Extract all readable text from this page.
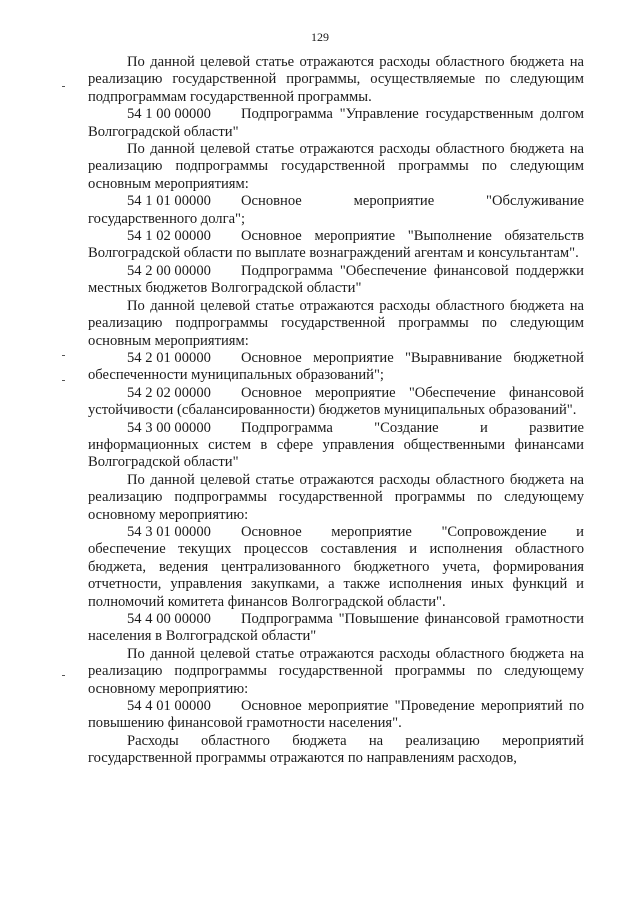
129

По данной целевой статье отражаются расходы областного бюджета на реализацию государственной программы, осуществляемые по следующим подпрограммам государственной программы.

54 1 00 00000 Подпрограмма "Управление государственным долгом Волгоградской области"

По данной целевой статье отражаются расходы областного бюджета на реализацию подпрограммы государственной программы по следующим основным мероприятиям:

54 1 01 00000 Основное мероприятие "Обслуживание государственного долга";

54 1 02 00000 Основное мероприятие "Выполнение обязательств Волгоградской области по выплате вознаграждений агентам и консультантам".

54 2 00 00000 Подпрограмма "Обеспечение финансовой поддержки местных бюджетов Волгоградской области"

По данной целевой статье отражаются расходы областного бюджета на реализацию подпрограммы государственной программы по следующим основным мероприятиям:

54 2 01 00000 Основное мероприятие "Выравнивание бюджетной обеспеченности муниципальных образований";

54 2 02 00000 Основное мероприятие "Обеспечение финансовой устойчивости (сбалансированности) бюджетов муниципальных образований".

54 3 00 00000 Подпрограмма "Создание и развитие информационных систем в сфере управления общественными финансами Волгоградской области"

По данной целевой статье отражаются расходы областного бюджета на реализацию подпрограммы государственной программы по следующему основному мероприятию:

54 3 01 00000 Основное мероприятие "Сопровождение и обеспечение текущих процессов составления и исполнения областного бюджета, ведения централизованного бюджетного учета, формирования отчетности, управления закупками, а также исполнения иных функций и полномочий комитета финансов Волгоградской области".

54 4 00 00000 Подпрограмма "Повышение финансовой грамотности населения в Волгоградской области"

По данной целевой статье отражаются расходы областного бюджета на реализацию подпрограммы государственной программы по следующему основному мероприятию:

54 4 01 00000 Основное мероприятие "Проведение мероприятий по повышению финансовой грамотности населения".

Расходы областного бюджета на реализацию мероприятий государственной программы отражаются по направлениям расходов,
